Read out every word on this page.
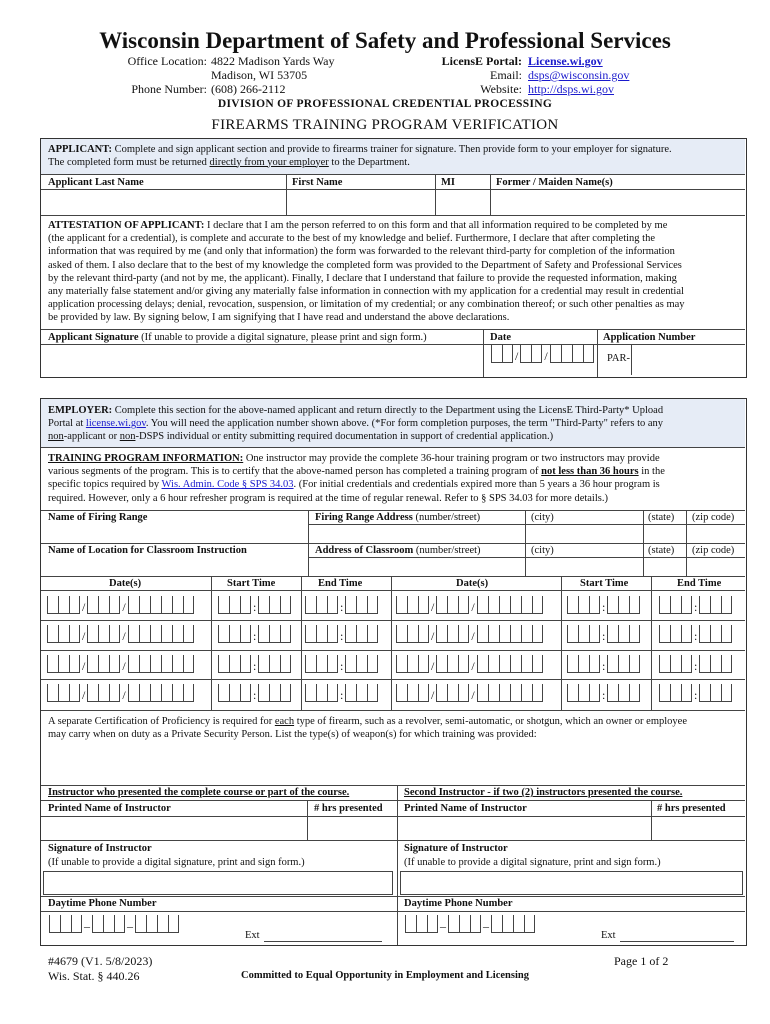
Wisconsin Department of Safety and Professional Services
Office Location: 4822 Madison Yards Way
Madison, WI 53705
Phone Number: (608) 266-2112
LicensE Portal: License.wi.gov
Email: dsps@wisconsin.gov
Website: http://dsps.wi.gov
DIVISION OF PROFESSIONAL CREDENTIAL PROCESSING
FIREARMS TRAINING PROGRAM VERIFICATION
APPLICANT: Complete and sign applicant section and provide to firearms trainer for signature. Then provide form to your employer for signature.
The completed form must be returned directly from your employer to the Department.
Applicant Last Name	First Name	MI	Former / Maiden Name(s)
ATTESTATION OF APPLICANT: I declare that I am the person referred to on this form and that all information required to be completed by me
(the applicant for a credential), is complete and accurate to the best of my knowledge and belief. Furthermore, I declare that after completing the
information that was required by me (and only that information) the form was forwarded to the relevant third-party for completion of the information
asked of them. I also declare that to the best of my knowledge the completed form was provided to the Department of Safety and Professional Services
by the relevant third-party (and not by me, the applicant). Finally, I declare that I understand that failure to provide the requested information, making
any materially false statement and/or giving any materially false information in connection with my application for a credential may result in credential
application processing delays; denial, revocation, suspension, or limitation of my credential; or any combination thereof; or such other penalties as may
be provided by law. By signing below, I am signifying that I have read and understand the above declarations.
Applicant Signature (If unable to provide a digital signature, please print and sign form.)	Date	Application Number
/ /	PAR-
EMPLOYER: Complete this section for the above-named applicant and return directly to the Department using the LicensE Third-Party* Upload
Portal at license.wi.gov. You will need the application number shown above. (*For form completion purposes, the term "Third-Party" refers to any
non-applicant or non-DSPS individual or entity submitting required documentation in support of credential application.)
TRAINING PROGRAM INFORMATION: One instructor may provide the complete 36-hour training program or two instructors may provide
various segments of the program. This is to certify that the above-named person has completed a training program of not less than 36 hours in the
specific topics required by Wis. Admin. Code § SPS 34.03. (For initial credentials and credentials expired more than 5 years a 36 hour program is
required. However, only a 6 hour refresher program is required at the time of regular renewal. Refer to § SPS 34.03 for more details.)
Name of Firing Range	Firing Range Address (number/street)	(city)	(state) (zip code)
Name of Location for Classroom Instruction	Address of Classroom (number/street)	(city)	(state) (zip code)
Date(s)	Start Time	End Time	Date(s)	Start Time	End Time
/	/	:	:	/	/	:	:
/	/	:	:	/	/	:	:
/	/	:	:	/	/	:	:
/	/	:	:	/	/	:	:
A separate Certification of Proficiency is required for each type of firearm, such as a revolver, semi-automatic, or shotgun, which an owner or employee
may carry when on duty as a Private Security Person. List the type(s) of weapon(s) for which training was provided:
Instructor who presented the complete course or part of the course.	Second Instructor - if two (2) instructors presented the course.
Printed Name of Instructor	# hrs presented Printed Name of Instructor	# hrs presented
Signature of Instructor
(If unable to provide a digital signature, print and sign form.)
Signature of Instructor
(If unable to provide a digital signature, print and sign form.)
Daytime Phone Number	Daytime Phone Number
–	–
Ext
–	–
Ext
#4679 (V1. 5/8/2023)
Wis. Stat. § 440.26	Committed to Equal Opportunity in Employment and Licensing
Page 1 of 2
